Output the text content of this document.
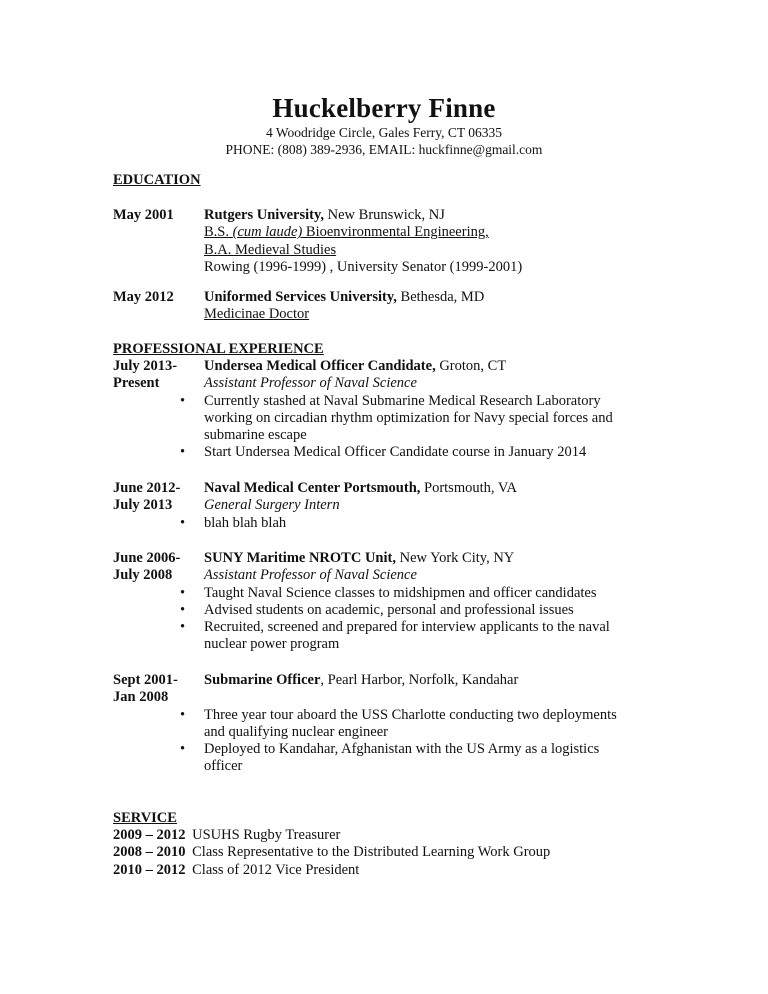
Huckelberry Finne
4 Woodridge Circle, Gales Ferry, CT 06335
PHONE: (808) 389-2936, EMAIL: huckfinne@gmail.com
EDUCATION
May 2001	Rutgers University, New Brunswick, NJ
B.S. (cum laude) Bioenvironmental Engineering,
B.A. Medieval Studies
Rowing (1996-1999) , University Senator (1999-2001)
May 2012	Uniformed Services University, Bethesda, MD
Medicinae Doctor
PROFESSIONAL EXPERIENCE
July 2013-
Present
Undersea Medical Officer Candidate, Groton, CT
Assistant Professor of Naval Science
• Currently stashed at Naval Submarine Medical Research Laboratory
working on circadian rhythm optimization for Navy special forces and
submarine escape
• Start Undersea Medical Officer Candidate course in January 2014
June 2012-
July 2013
Naval Medical Center Portsmouth, Portsmouth, VA
General Surgery Intern
• blah blah blah
June 2006-
July 2008
SUNY Maritime NROTC Unit, New York City, NY
Assistant Professor of Naval Science
• Taught Naval Science classes to midshipmen and officer candidates
• Advised students on academic, personal and professional issues
• Recruited, screened and prepared for interview applicants to the naval
nuclear power program
Sept 2001-
Jan 2008
Submarine Officer, Pearl Harbor, Norfolk, Kandahar

• Three year tour aboard the USS Charlotte conducting two deployments
and qualifying nuclear engineer
• Deployed to Kandahar, Afghanistan with the US Army as a logistics
officer
SERVICE
2009 – 2012 USUHS Rugby Treasurer
2008 – 2010 Class Representative to the Distributed Learning Work Group
2010 – 2012 Class of 2012 Vice President
